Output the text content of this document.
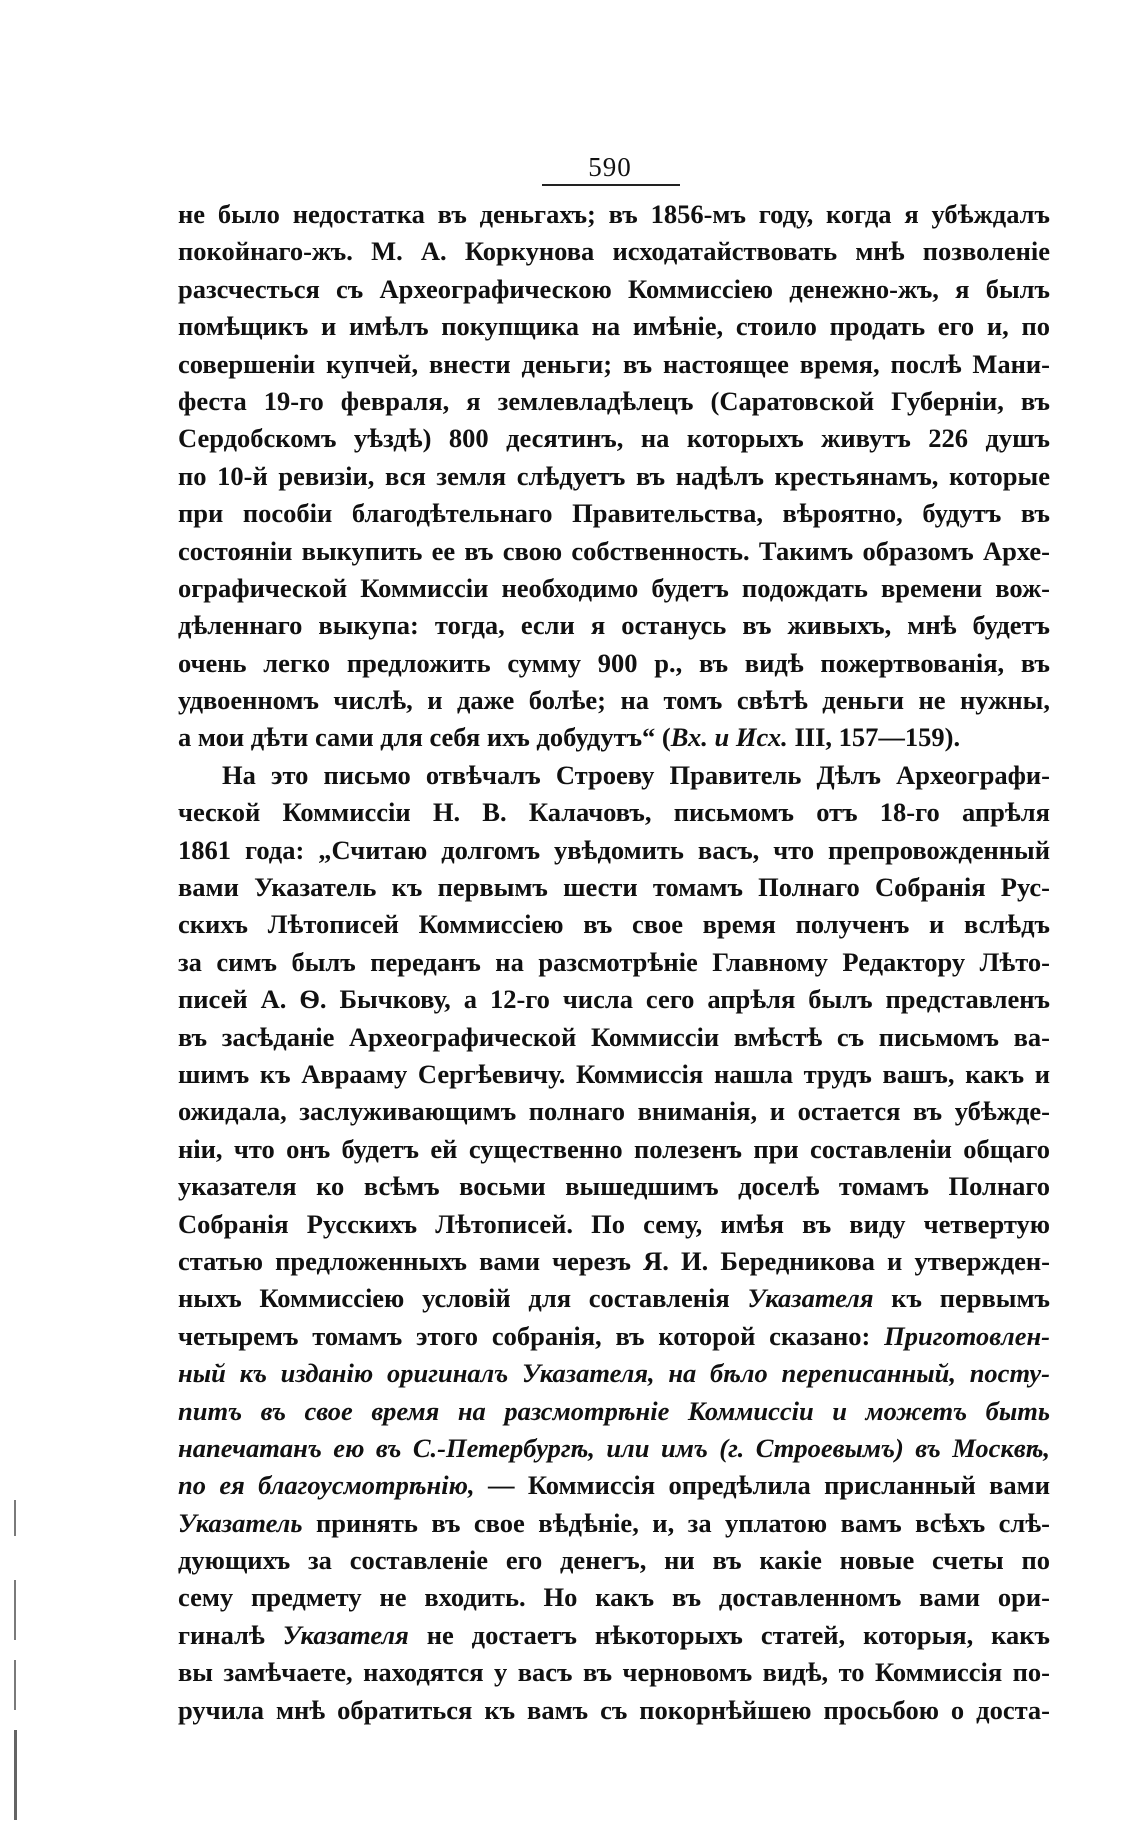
590
не было недостатка въ деньгахъ; въ 1856-мъ году, когда я убѣждалъ
покойнаго-жъ. М. А. Коркунова исходатайствовать мнѣ позволеніе
разсчесться съ Археографическою Коммиссіею денежно-жъ, я былъ
помѣщикъ и имѣлъ покупщика на имѣніе, стоило продать его и, по
совершеніи купчей, внести деньги; въ настоящее время, послѣ Мани-
феста 19-го февраля, я землевладѣлецъ (Саратовской Губерніи, въ
Сердобскомъ уѣздѣ) 800 десятинъ, на которыхъ живутъ 226 душъ
по 10-й ревизіи, вся земля слѣдуетъ въ надѣлъ крестьянамъ, которые
при пособіи благодѣтельнаго Правительства, вѣроятно, будутъ въ
состояніи выкупить ее въ свою собственность. Такимъ образомъ Архе-
ографической Коммиссіи необходимо будетъ подождать времени вож-
дѣленнаго выкупа: тогда, если я останусь въ живыхъ, мнѣ будетъ
очень легко предложить сумму 900 р., въ видѣ пожертвованія, въ
удвоенномъ числѣ, и даже болѣе; на томъ свѣтѣ деньги не нужны,
а мои дѣти сами для себя ихъ добудутъ“ (Вх. и Исх. III, 157—159).
На это письмо отвѣчалъ Строеву Правитель Дѣлъ Археографи-
ческой Коммиссіи Н. В. Калачовъ, письмомъ отъ 18-го апрѣля
1861 года: „Считаю долгомъ увѣдомить васъ, что препровожденный
вами Указатель къ первымъ шести томамъ Полнаго Собранія Рус-
скихъ Лѣтописей Коммиссіею въ свое время полученъ и вслѣдъ
за симъ былъ переданъ на разсмотрѣніе Главному Редактору Лѣто-
писей А. Ѳ. Бычкову, а 12-го числа сего апрѣля былъ представленъ
въ засѣданіе Археографической Коммиссіи вмѣстѣ съ письмомъ ва-
шимъ къ Аврааму Сергѣевичу. Коммиссія нашла трудъ вашъ, какъ и
ожидала, заслуживающимъ полнаго вниманія, и остается въ убѣжде-
ніи, что онъ будетъ ей существенно полезенъ при составленіи общаго
указателя ко всѣмъ восьми вышедшимъ доселѣ томамъ Полнаго
Собранія Русскихъ Лѣтописей. По сему, имѣя въ виду четвертую
статью предложенныхъ вами черезъ Я. И. Бередникова и утвержден-
ныхъ Коммиссіею условій для составленія Указателя къ первымъ
четыремъ томамъ этого собранія, въ которой сказано: Приготовлен-
ный къ изданію оригиналъ Указателя, на бѣло переписанный, посту-
питъ въ свое время на разсмотрѣніе Коммиссіи и можетъ быть
напечатанъ ею въ С.-Петербургѣ, или имъ (г. Строевымъ) въ Москвѣ,
по ея благоусмотрѣнію, — Коммиссія опредѣлила присланный вами
Указатель принять въ свое вѣдѣніе, и, за уплатою вамъ всѣхъ слѣ-
дующихъ за составленіе его денегъ, ни въ какіе новые счеты по
сему предмету не входить. Но какъ въ доставленномъ вами ори-
гиналѣ Указателя не достаетъ нѣкоторыхъ статей, которыя, какъ
вы замѣчаете, находятся у васъ въ черновомъ видѣ, то Коммиссія по-
ручила мнѣ обратиться къ вамъ съ покорнѣйшею просьбою о доста-
